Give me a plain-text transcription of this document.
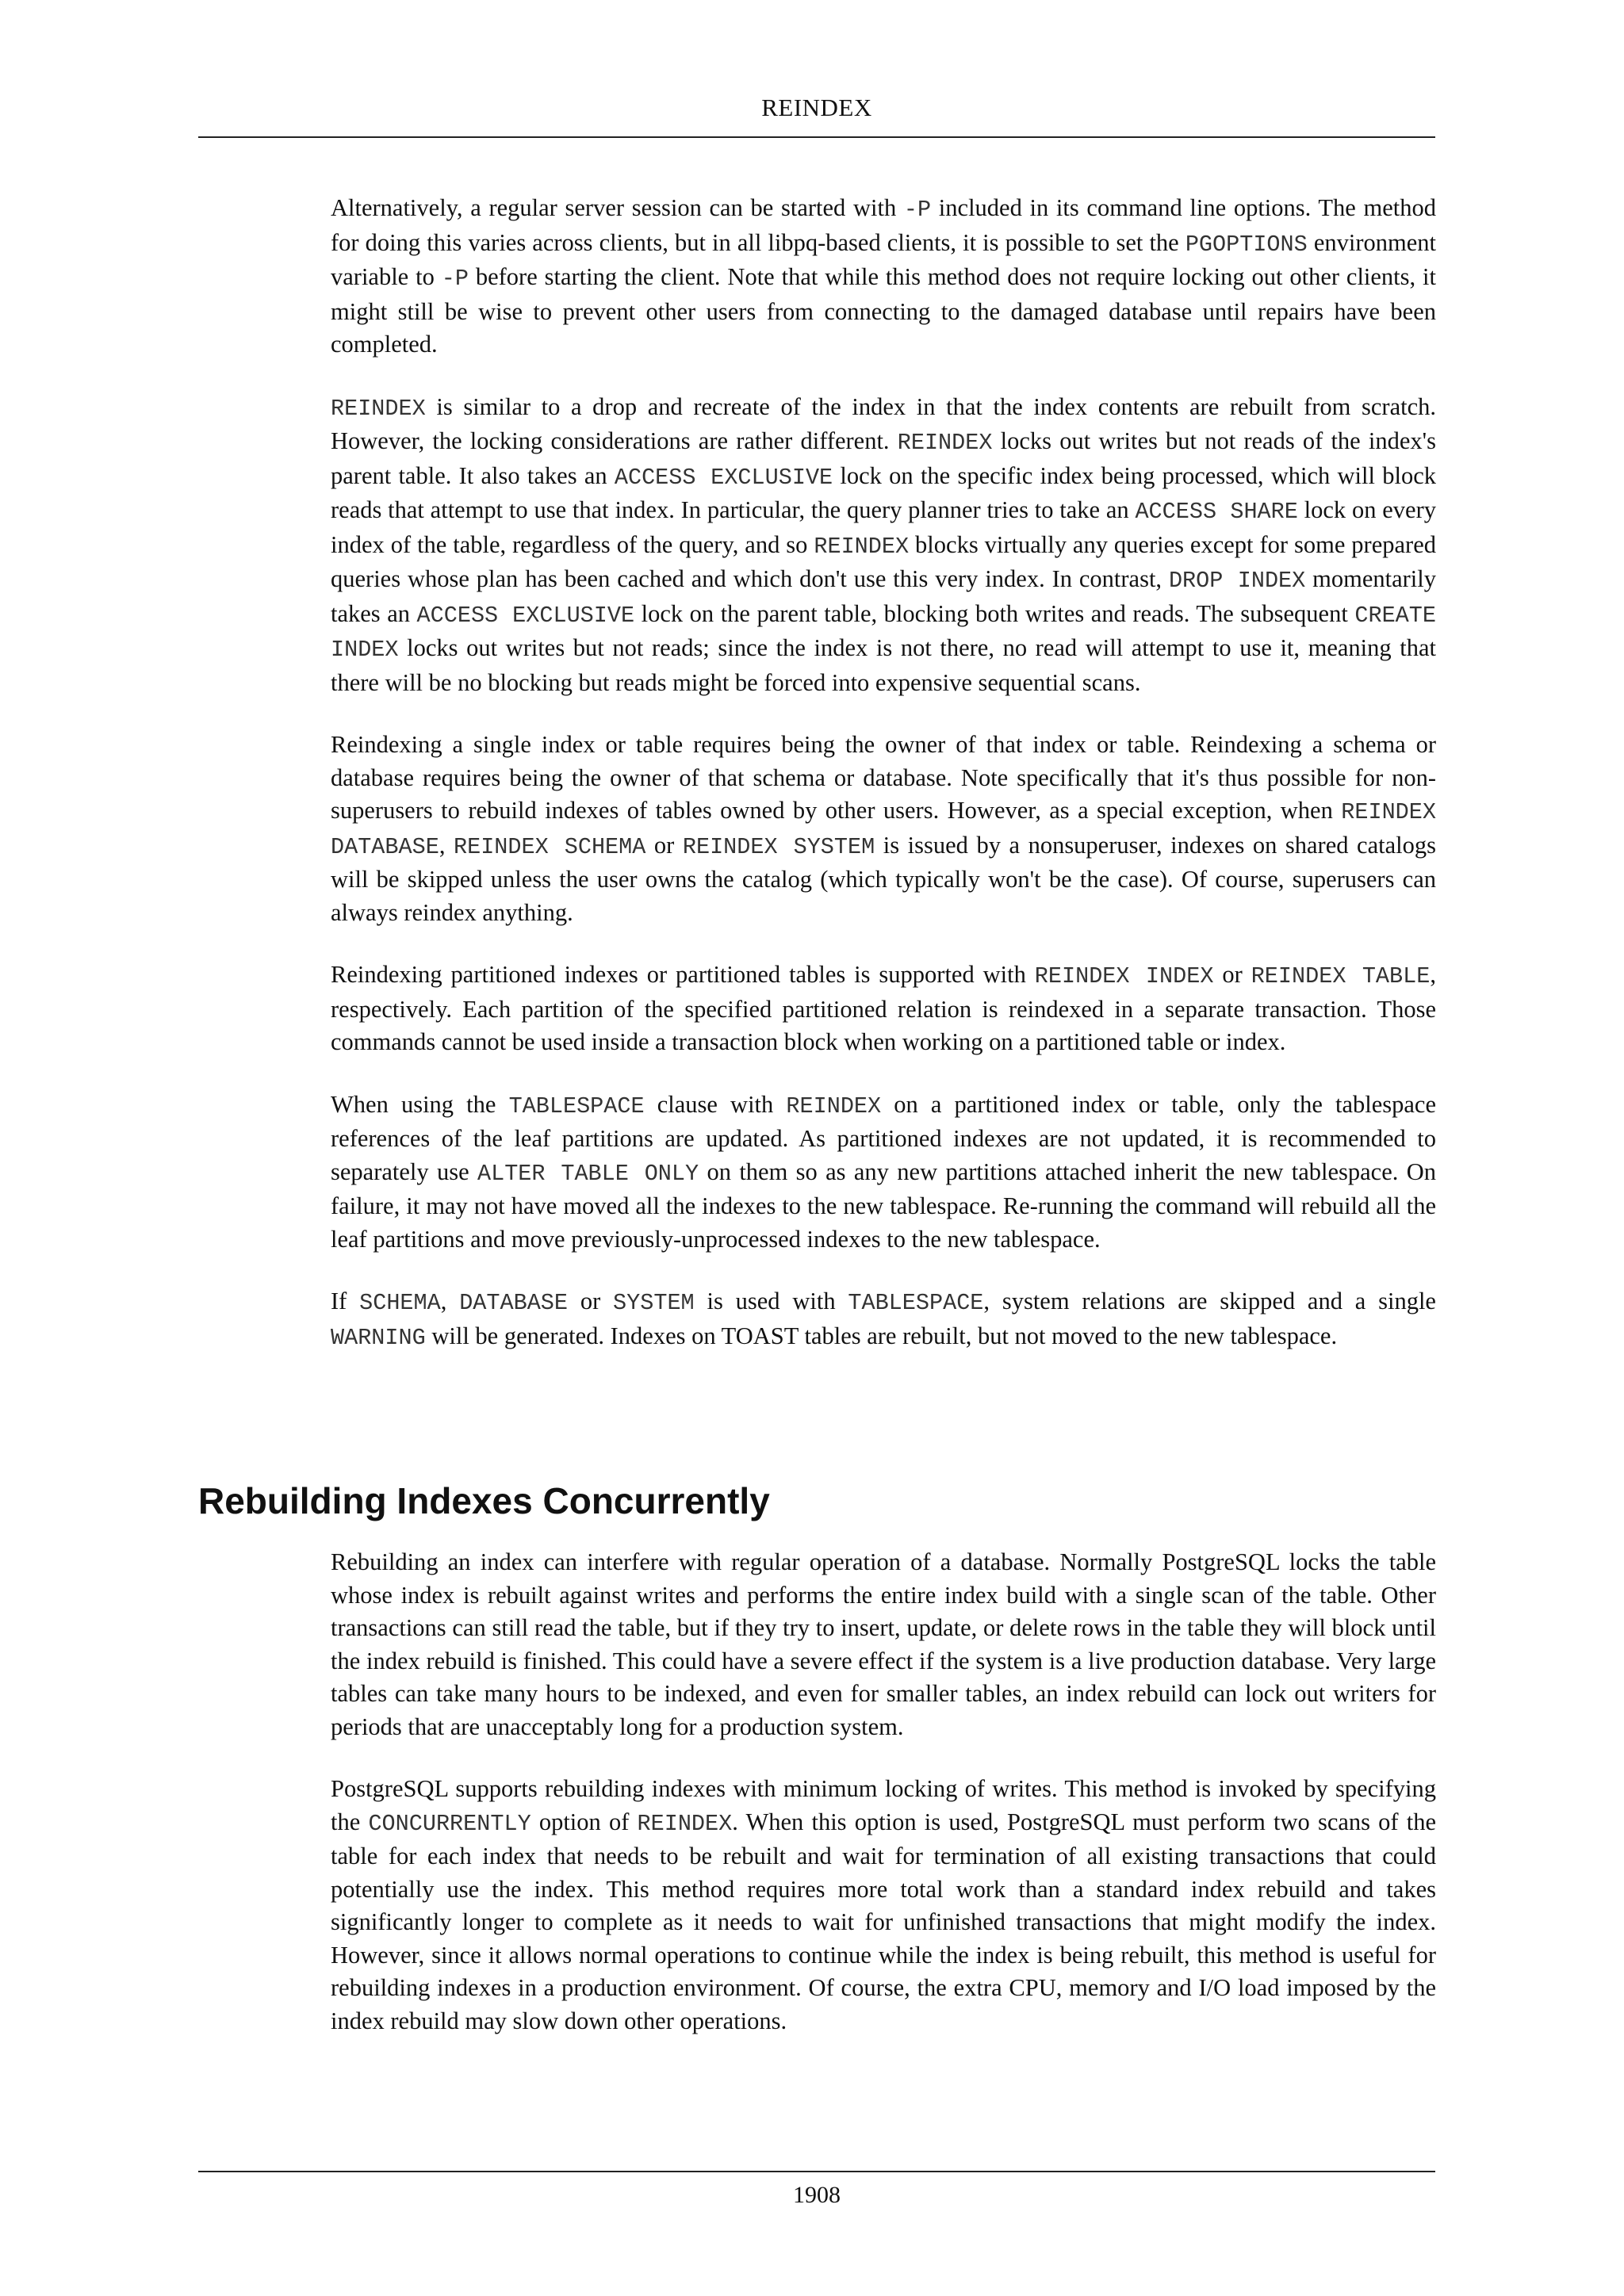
REINDEX

Alternatively, a regular server session can be started with -P included in its command line options. The method for doing this varies across clients, but in all libpq-based clients, it is possible to set the PGOPTIONS environment variable to -P before starting the client. Note that while this method does not require locking out other clients, it might still be wise to prevent other users from connecting to the damaged database until repairs have been completed.

REINDEX is similar to a drop and recreate of the index in that the index contents are rebuilt from scratch. However, the locking considerations are rather different. REINDEX locks out writes but not reads of the index's parent table. It also takes an ACCESS EXCLUSIVE lock on the specific index being processed, which will block reads that attempt to use that index. In particular, the query planner tries to take an ACCESS SHARE lock on every index of the table, regardless of the query, and so REINDEX blocks virtually any queries except for some prepared queries whose plan has been cached and which don't use this very index. In contrast, DROP INDEX momentarily takes an ACCESS EXCLUSIVE lock on the parent table, blocking both writes and reads. The subsequent CREATE INDEX locks out writes but not reads; since the index is not there, no read will attempt to use it, meaning that there will be no blocking but reads might be forced into expensive sequential scans.

Reindexing a single index or table requires being the owner of that index or table. Reindexing a schema or database requires being the owner of that schema or database. Note specifically that it's thus possible for non-superusers to rebuild indexes of tables owned by other users. However, as a special exception, when REINDEX DATABASE, REINDEX SCHEMA or REINDEX SYSTEM is issued by a nonsuperuser, indexes on shared catalogs will be skipped unless the user owns the catalog (which typically won't be the case). Of course, superusers can always reindex anything.

Reindexing partitioned indexes or partitioned tables is supported with REINDEX INDEX or REINDEX TABLE, respectively. Each partition of the specified partitioned relation is reindexed in a separate transaction. Those commands cannot be used inside a transaction block when working on a partitioned table or index.

When using the TABLESPACE clause with REINDEX on a partitioned index or table, only the tablespace references of the leaf partitions are updated. As partitioned indexes are not updated, it is recommended to separately use ALTER TABLE ONLY on them so as any new partitions attached inherit the new tablespace. On failure, it may not have moved all the indexes to the new tablespace. Re-running the command will rebuild all the leaf partitions and move previously-unprocessed indexes to the new tablespace.

If SCHEMA, DATABASE or SYSTEM is used with TABLESPACE, system relations are skipped and a single WARNING will be generated. Indexes on TOAST tables are rebuilt, but not moved to the new tablespace.

Rebuilding Indexes Concurrently

Rebuilding an index can interfere with regular operation of a database. Normally PostgreSQL locks the table whose index is rebuilt against writes and performs the entire index build with a single scan of the table. Other transactions can still read the table, but if they try to insert, update, or delete rows in the table they will block until the index rebuild is finished. This could have a severe effect if the system is a live production database. Very large tables can take many hours to be indexed, and even for smaller tables, an index rebuild can lock out writers for periods that are unacceptably long for a production system.

PostgreSQL supports rebuilding indexes with minimum locking of writes. This method is invoked by specifying the CONCURRENTLY option of REINDEX. When this option is used, PostgreSQL must perform two scans of the table for each index that needs to be rebuilt and wait for termination of all existing transactions that could potentially use the index. This method requires more total work than a standard index rebuild and takes significantly longer to complete as it needs to wait for unfinished transactions that might modify the index. However, since it allows normal operations to continue while the index is being rebuilt, this method is useful for rebuilding indexes in a production environment. Of course, the extra CPU, memory and I/O load imposed by the index rebuild may slow down other operations.

1908
